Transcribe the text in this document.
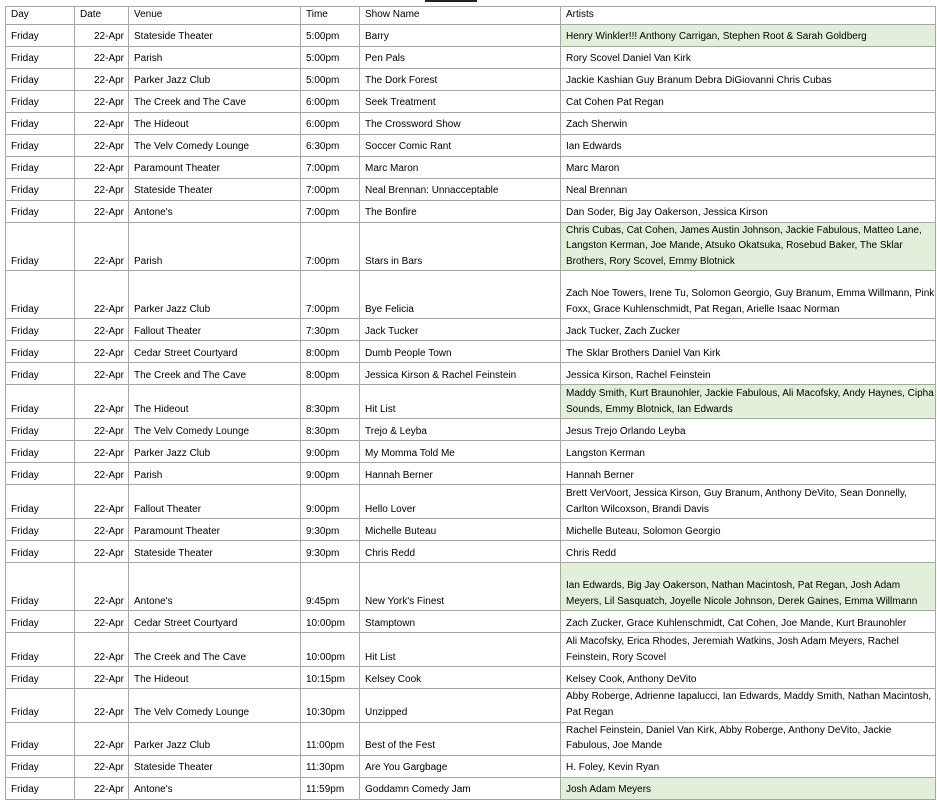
Day	Date	Venue	Time	Show Name	Artists
Friday	22-Apr	Stateside Theater	5:00pm	Barry	Henry Winkler!!! Anthony Carrigan, Stephen Root & Sarah Goldberg
Friday	22-Apr	Parish	5:00pm	Pen Pals	Rory Scovel Daniel Van Kirk
Friday	22-Apr	Parker Jazz Club	5:00pm	The Dork Forest	Jackie Kashian Guy Branum Debra DiGiovanni Chris Cubas
Friday	22-Apr	The Creek and The Cave	6:00pm	Seek Treatment	Cat Cohen Pat Regan
Friday	22-Apr	The Hideout	6:00pm	The Crossword Show	Zach Sherwin
Friday	22-Apr	The Velv Comedy Lounge	6:30pm	Soccer Comic Rant	Ian Edwards
Friday	22-Apr	Paramount Theater	7:00pm	Marc Maron	Marc Maron
Friday	22-Apr	Stateside Theater	7:00pm	Neal Brennan: Unnacceptable	Neal Brennan
Friday	22-Apr	Antone's	7:00pm	The Bonfire	Dan Soder, Big Jay Oakerson, Jessica Kirson
Friday	22-Apr	Parish	7:00pm	Stars in Bars	Chris Cubas, Cat Cohen, James Austin Johnson, Jackie Fabulous, Matteo Lane, Langston Kerman, Joe Mande, Atsuko Okatsuka, Rosebud Baker, The Sklar Brothers, Rory Scovel, Emmy Blotnick
Friday	22-Apr	Parker Jazz Club	7:00pm	Bye Felicia	Zach Noe Towers, Irene Tu, Solomon Georgio, Guy Branum, Emma Willmann, Pink Foxx, Grace Kuhlenschmidt, Pat Regan, Arielle Isaac Norman
Friday	22-Apr	Fallout Theater	7:30pm	Jack Tucker	Jack Tucker, Zach Zucker
Friday	22-Apr	Cedar Street Courtyard	8:00pm	Dumb People Town	The Sklar Brothers Daniel Van Kirk
Friday	22-Apr	The Creek and The Cave	8:00pm	Jessica Kirson & Rachel Feinstein	Jessica Kirson, Rachel Feinstein
Friday	22-Apr	The Hideout	8:30pm	Hit List	Maddy Smith, Kurt Braunohler, Jackie Fabulous, Ali Macofsky, Andy Haynes, Cipha Sounds, Emmy Blotnick, Ian Edwards
Friday	22-Apr	The Velv Comedy Lounge	8:30pm	Trejo & Leyba	Jesus Trejo Orlando Leyba
Friday	22-Apr	Parker Jazz Club	9:00pm	My Momma Told Me	Langston Kerman
Friday	22-Apr	Parish	9:00pm	Hannah Berner	Hannah Berner
Friday	22-Apr	Fallout Theater	9:00pm	Hello Lover	Brett VerVoort, Jessica Kirson, Guy Branum, Anthony DeVito, Sean Donnelly, Carlton Wilcoxson, Brandi Davis
Friday	22-Apr	Paramount Theater	9:30pm	Michelle Buteau	Michelle Buteau, Solomon Georgio
Friday	22-Apr	Stateside Theater	9:30pm	Chris Redd	Chris Redd
Friday	22-Apr	Antone's	9:45pm	New York's Finest	Ian Edwards, Big Jay Oakerson, Nathan Macintosh, Pat Regan, Josh Adam Meyers, Lil Sasquatch, Joyelle Nicole Johnson, Derek Gaines, Emma Willmann
Friday	22-Apr	Cedar Street Courtyard	10:00pm	Stamptown	Zach Zucker, Grace Kuhlenschmidt, Cat Cohen, Joe Mande, Kurt Braunohler
Friday	22-Apr	The Creek and The Cave	10:00pm	Hit List	Ali Macofsky, Erica Rhodes, Jeremiah Watkins, Josh Adam Meyers, Rachel Feinstein, Rory Scovel
Friday	22-Apr	The Hideout	10:15pm	Kelsey Cook	Kelsey Cook, Anthony DeVito
Friday	22-Apr	The Velv Comedy Lounge	10:30pm	Unzipped	Abby Roberge, Adrienne Iapalucci, Ian Edwards, Maddy Smith, Nathan Macintosh, Pat Regan
Friday	22-Apr	Parker Jazz Club	11:00pm	Best of the Fest	Rachel Feinstein, Daniel Van Kirk, Abby Roberge, Anthony DeVito, Jackie Fabulous, Joe Mande
Friday	22-Apr	Stateside Theater	11:30pm	Are You Gargbage	H. Foley, Kevin Ryan
Friday	22-Apr	Antone's	11:59pm	Goddamn Comedy Jam	Josh Adam Meyers
